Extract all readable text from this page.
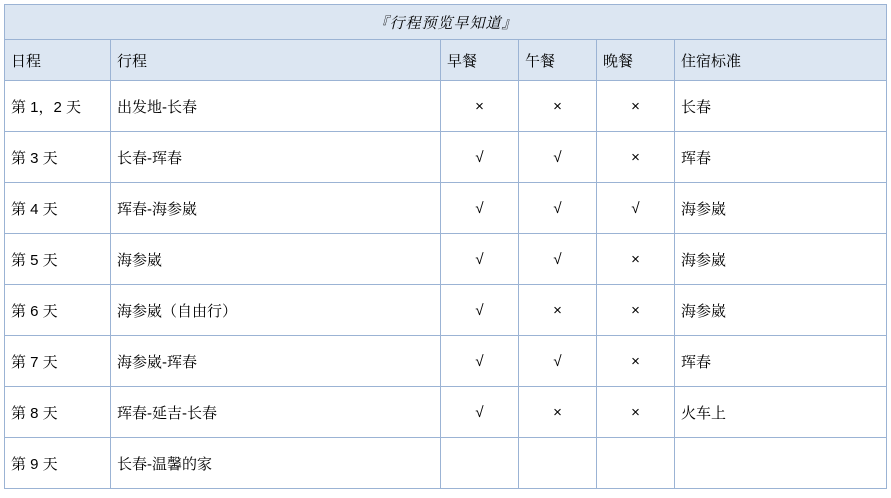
『行程预览早知道』					
日程	行程	早餐	午餐	晚餐	住宿标准
第 1，2 天	出发地-长春	×	×	×	长春
第 3 天	长春-珲春	√	√	×	珲春
第 4 天	珲春-海参崴	√	√	√	海参崴
第 5 天	海参崴	√	√	×	海参崴
第 6 天	海参崴（自由行）	√	×	×	海参崴
第 7 天	海参崴-珲春	√	√	×	珲春
第 8 天	珲春-延吉-长春	√	×	×	火车上
第 9 天	长春-温馨的家				
